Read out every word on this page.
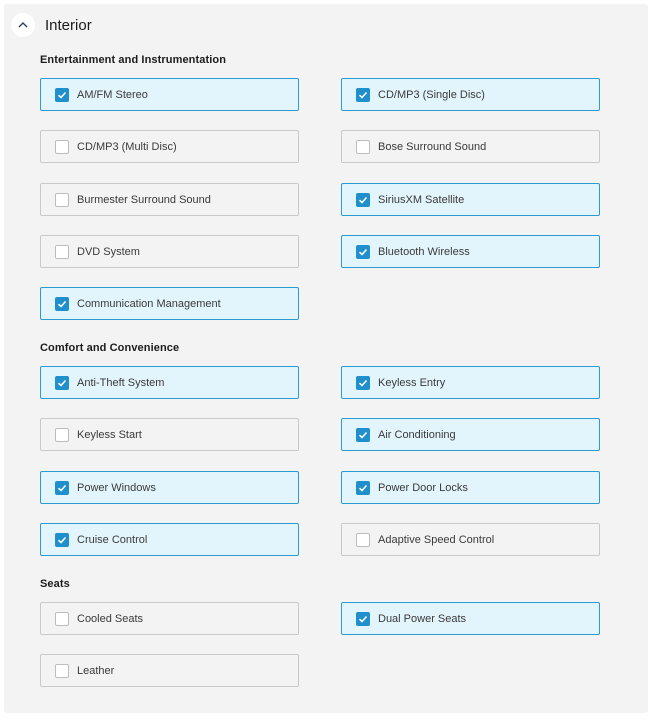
Interior
Entertainment and Instrumentation
AM/FM Stereo	CD/MP3 (Single Disc)
CD/MP3 (Multi Disc)	Bose Surround Sound
Burmester Surround Sound	SiriusXM Satellite
DVD System	Bluetooth Wireless
Communication Management
Comfort and Convenience
Anti-Theft System	Keyless Entry
Keyless Start	Air Conditioning
Power Windows	Power Door Locks
Cruise Control	Adaptive Speed Control
Seats
Cooled Seats	Dual Power Seats
Leather
